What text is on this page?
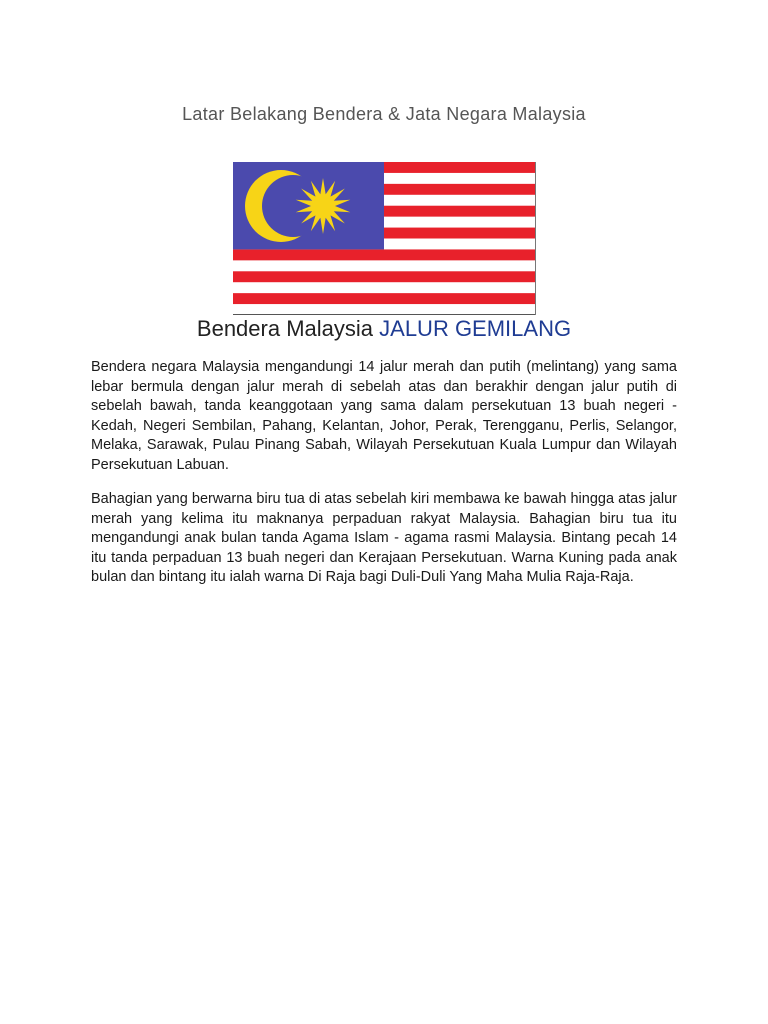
Latar Belakang Bendera & Jata Negara Malaysia
Bendera Malaysia JALUR GEMILANG

Bendera negara Malaysia mengandungi 14 jalur merah dan putih (melintang) yang sama lebar bermula dengan jalur merah di sebelah atas dan berakhir dengan jalur putih di sebelah bawah, tanda keanggotaan yang sama dalam persekutuan 13 buah negeri - Kedah, Negeri Sembilan, Pahang, Kelantan, Johor, Perak, Terengganu, Perlis, Selangor, Melaka, Sarawak, Pulau Pinang Sabah, Wilayah Persekutuan Kuala Lumpur dan Wilayah Persekutuan Labuan.

Bahagian yang berwarna biru tua di atas sebelah kiri membawa ke bawah hingga atas jalur merah yang kelima itu maknanya perpaduan rakyat Malaysia. Bahagian biru tua itu mengandungi anak bulan tanda Agama Islam - agama rasmi Malaysia. Bintang pecah 14 itu tanda perpaduan 13 buah negeri dan Kerajaan Persekutuan. Warna Kuning pada anak bulan dan bintang itu ialah warna Di Raja bagi Duli-Duli Yang Maha Mulia Raja-Raja.
